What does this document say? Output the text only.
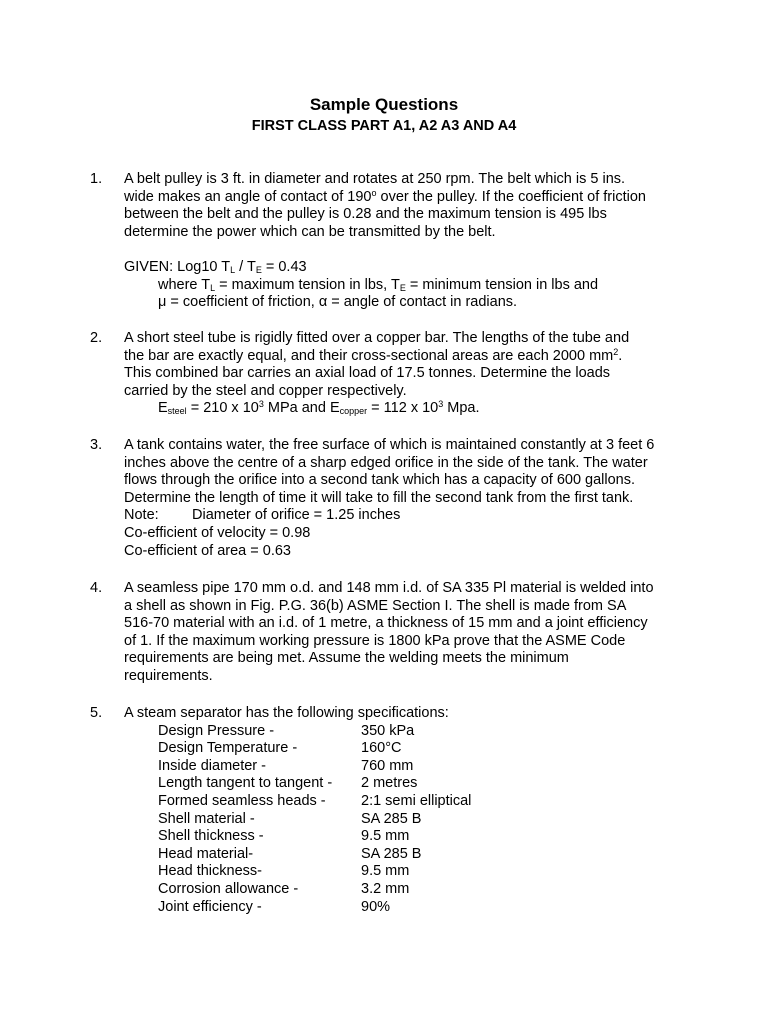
Sample Questions
FIRST CLASS PART A1, A2 A3 AND A4
1. A belt pulley is 3 ft. in diameter and rotates at 250 rpm. The belt which is 5 ins.
wide makes an angle of contact of 190$^o$ over the pulley. If the coefficient of friction
between the belt and the pulley is 0.28 and the maximum tension is 495 lbs
determine the power which can be transmitted by the belt.
GIVEN: Log10 $T_L / T_E = 0.43$
where $T_L$ = maximum tension in lbs, $T_E$ = minimum tension in lbs and
μ = coefficient of friction, α = angle of contact in radians.
2. A short steel tube is rigidly fitted over a copper bar. The lengths of the tube and
the bar are exactly equal, and their cross-sectional areas are each 2000 $mm^2$.
This combined bar carries an axial load of 17.5 tonnes. Determine the loads
carried by the steel and copper respectively.
$E_{steel} = 210$ x $10^3$ MPa and $E_{copper} = 112$ x $10^3$ Mpa.
3. A tank contains water, the free surface of which is maintained constantly at 3 feet 6
inches above the centre of a sharp edged orifice in the side of the tank. The water
flows through the orifice into a second tank which has a capacity of 600 gallons.
Determine the length of time it will take to fill the second tank from the first tank.
Note: Diameter of orifice = 1.25 inches
Co-efficient of velocity = 0.98
Co-efficient of area = 0.63
4. A seamless pipe 170 mm o.d. and 148 mm i.d. of SA 335 Pl material is welded into
a shell as shown in Fig. P.G. 36(b) ASME Section I. The shell is made from SA
516-70 material with an i.d. of 1 metre, a thickness of 15 mm and a joint efficiency
of 1. If the maximum working pressure is 1800 kPa prove that the ASME Code
requirements are being met. Assume the welding meets the minimum
requirements.
5. A steam separator has the following specifications:
Design Pressure -	350 kPa
Design Temperature -	160°C
Inside diameter -	760 mm
Length tangent to tangent -	2 metres
Formed seamless heads -	2:1 semi elliptical
Shell material -	SA 285 B
Shell thickness -	9.5 mm
Head material-	SA 285 B
Head thickness-	9.5 mm
Corrosion allowance -	3.2 mm
Joint efficiency -	90%
